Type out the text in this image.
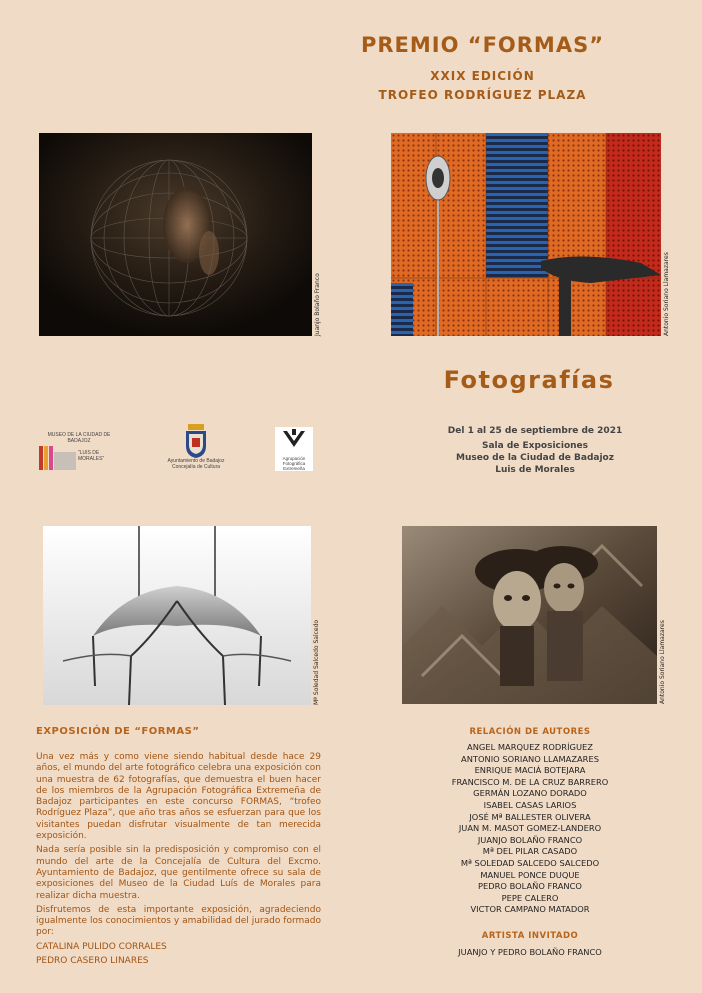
PREMIO “FORMAS”
XXIX EDICIÓN
TROFEO RODRÍGUEZ PLAZA
Juanjo Bolaño Franco	Antonio Soriano Llamazares
Fotografías
Del 1 al 25 de septiembre de 2021
Sala de Exposiciones
Museo de la Ciudad de Badajoz
Luis de Morales
MUSEO DE LA CIUDAD DE BADAJOZ
"LUIS DE MORALES"	Ayuntamiento de Badajoz
Concejalía de Cultura
Agrupación
Fotográfica
Extremeña
Mª Soledad Salcedo Salcedo	Antonio Soriano Llamazares
EXPOSICIÓN DE “FORMAS”

Una vez más y como viene siendo habitual desde hace 29 años, el mundo del arte fotográfico celebra una exposición con una muestra de 62 fotografías, que demuestra el buen hacer de los miembros de la Agrupación Fotográfica Extremeña de Badajoz participantes en este concurso FORMAS, “trofeo Rodríguez Plaza”, que año tras años se esfuerzan para que los visitantes puedan disfrutar visualmente de tan merecida exposición.

Nada sería posible sin la predisposición y compromiso con el mundo del arte de la Concejalía de Cultura del Excmo. Ayuntamiento de Badajoz, que gentilmente ofrece su sala de exposiciones del Museo de la Ciudad Luís de Morales para realizar dicha muestra.

Disfrutemos de esta importante exposición, agradeciendo igualmente los conocimientos y amabilidad del jurado formado por:

CATALINA PULIDO CORRALES
PEDRO CASERO LINARES
RELACIÓN DE AUTORES
ANGEL MARQUEZ RODRÍGUEZ
ANTONIO SORIANO LLAMAZARES
ENRIQUE MACIÁ BOTEJARA
FRANCISCO M. DE LA CRUZ BARRERO
GERMÁN LOZANO DORADO
ISABEL CASAS LARIOS
JOSÉ Mª BALLESTER OLIVERA
JUAN M. MASOT GOMEZ-LANDERO
JUANJO BOLAÑO FRANCO
Mª DEL PILAR CASADO
Mª SOLEDAD SALCEDO SALCEDO
MANUEL PONCE DUQUE
PEDRO BOLAÑO FRANCO
PEPE CALERO
VICTOR CAMPANO MATADOR
ARTISTA INVITADO
JUANJO Y PEDRO BOLAÑO FRANCO
